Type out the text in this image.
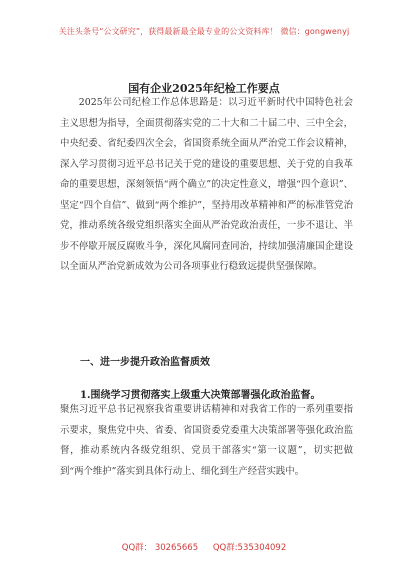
关注头条号“公文研究”，获得最新最全最专业的公文资料库！ 微信：gongwenyj
国有企业2025年纪检工作要点

2025年公司纪检工作总体思路是：以习近平新时代中国特色社会主义思想为指导，全面贯彻落实党的二十大和二十届二中、三中全会，中央纪委、省纪委四次全会，省国资系统全面从严治党工作会议精神，深入学习贯彻习近平总书记关于党的建设的重要思想、关于党的自我革命的重要思想，深刻领悟“两个确立”的决定性意义，增强“四个意识”、坚定“四个自信”、做到“两个维护”，坚持用改革精神和严的标准管党治党，推动系统各级党组织落实全面从严治党政治责任，一步不退让、半步不停歇开展反腐败斗争，深化风腐同查同治，持续加强清廉国企建设以全面从严治党新成效为公司各项事业行稳致远提供坚强保障。

一、进一步提升政治监督质效
1.围绕学习贯彻落实上级重大决策部署强化政治监督。

聚焦习近平总书记视察我省重要讲话精神和对我省工作的一系列重要指示要求，聚焦党中央、省委、省国资委党委重大决策部署等强化政治监督，推动系统内各级党组织、党员干部落实“第一议题”，切实把做到“两个维护”落实到具体行动上、细化到生产经营实践中。

QQ群： 30265665 QQ群:535304092
